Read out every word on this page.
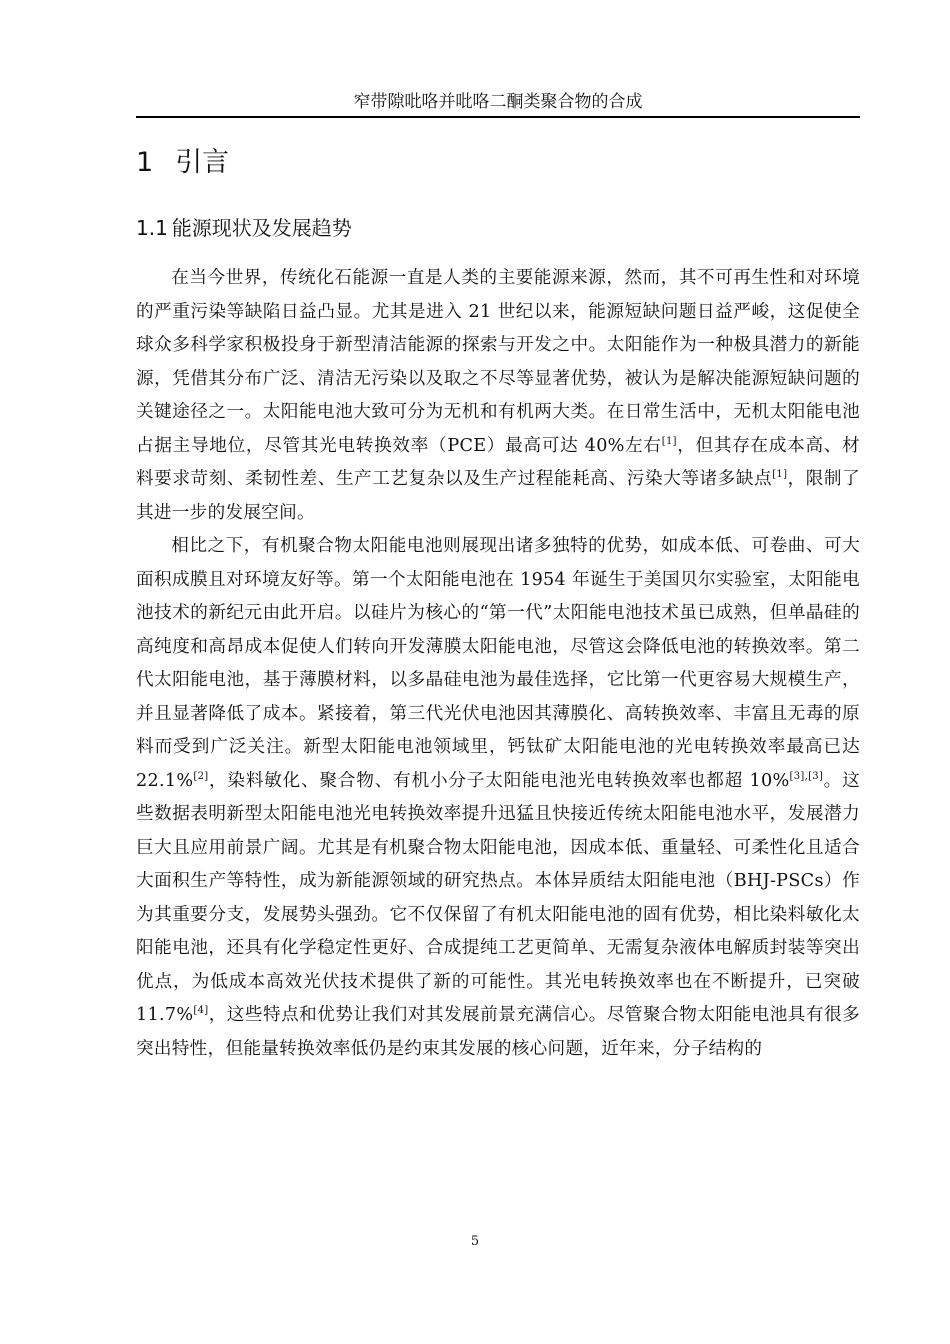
窄带隙吡咯并吡咯二酮类聚合物的合成
1 引言
1.1 能源现状及发展趋势

在当今世界，传统化石能源一直是人类的主要能源来源，然而，其不可再生性和对环境的严重污染等缺陷日益凸显。尤其是进入 21 世纪以来，能源短缺问题日益严峻，这促使全球众多科学家积极投身于新型清洁能源的探索与开发之中。太阳能作为一种极具潜力的新能源，凭借其分布广泛、清洁无污染以及取之不尽等显著优势，被认为是解决能源短缺问题的关键途径之一。太阳能电池大致可分为无机和有机两大类。在日常生活中，无机太阳能电池占据主导地位，尽管其光电转换效率（PCE）最高可达 40%左右[1]，但其存在成本高、材料要求苛刻、柔韧性差、生产工艺复杂以及生产过程能耗高、污染大等诸多缺点[1]，限制了其进一步的发展空间。

相比之下，有机聚合物太阳能电池则展现出诸多独特的优势，如成本低、可卷曲、可大面积成膜且对环境友好等。第一个太阳能电池在 1954 年诞生于美国贝尔实验室，太阳能电池技术的新纪元由此开启。以硅片为核心的“第一代”太阳能电池技术虽已成熟，但单晶硅的高纯度和高昂成本促使人们转向开发薄膜太阳能电池，尽管这会降低电池的转换效率。第二代太阳能电池，基于薄膜材料，以多晶硅电池为最佳选择，它比第一代更容易大规模生产，并且显著降低了成本。紧接着，第三代光伏电池因其薄膜化、高转换效率、丰富且无毒的原料而受到广泛关注。新型太阳能电池领域里，钙钛矿太阳能电池的光电转换效率最高已达 22.1%[2]，染料敏化、聚合物、有机小分子太阳能电池光电转换效率也都超 10%[3],[3]。这些数据表明新型太阳能电池光电转换效率提升迅猛且快接近传统太阳能电池水平，发展潜力巨大且应用前景广阔。尤其是有机聚合物太阳能电池，因成本低、重量轻、可柔性化且适合大面积生产等特性，成为新能源领域的研究热点。本体异质结太阳能电池（BHJ-PSCs）作为其重要分支，发展势头强劲。它不仅保留了有机太阳能电池的固有优势，相比染料敏化太阳能电池，还具有化学稳定性更好、合成提纯工艺更简单、无需复杂液体电解质封装等突出优点，为低成本高效光伏技术提供了新的可能性。其光电转换效率也在不断提升，已突破 11.7%[4]，这些特点和优势让我们对其发展前景充满信心。尽管聚合物太阳能电池具有很多突出特性，但能量转换效率低仍是约束其发展的核心问题，近年来，分子结构的

5
